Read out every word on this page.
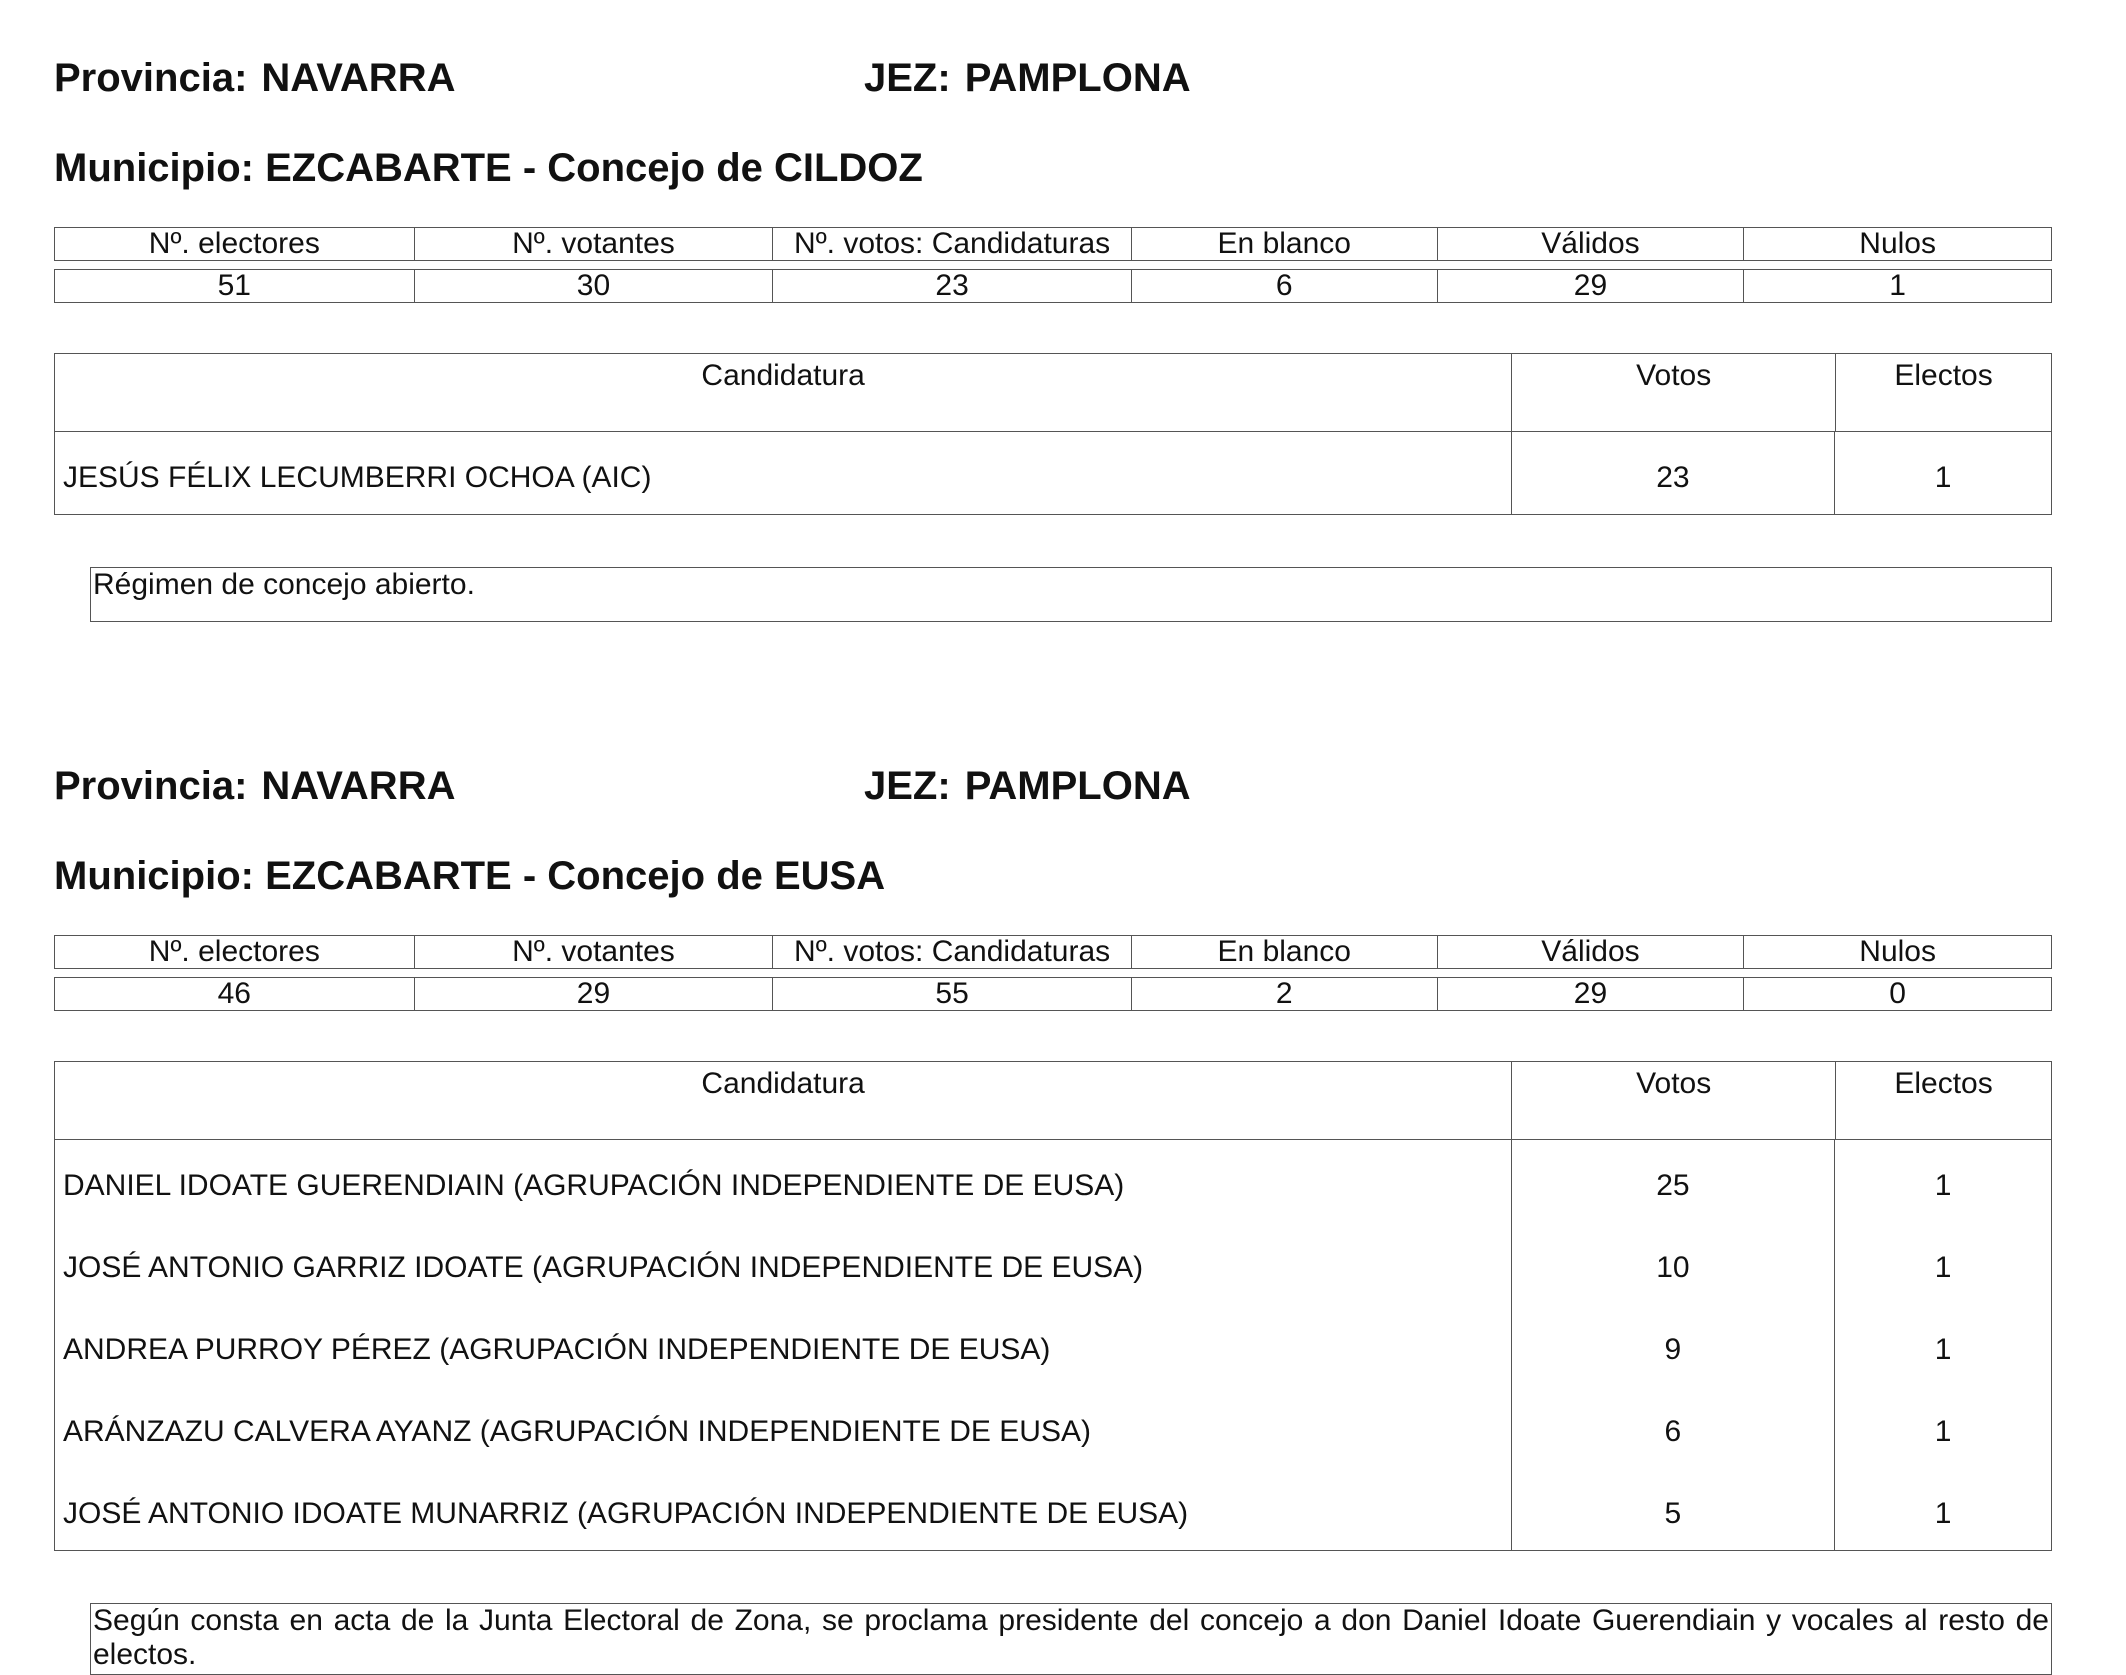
Provincia: NAVARRA	JEZ: PAMPLONA
Municipio: EZCABARTE - Concejo de CILDOZ
Nº. electores	Nº. votantes	Nº. votos: Candidaturas	En blanco	Válidos	Nulos
51	30	23	6	29	1
Candidatura	Votos	Electos
JESÚS FÉLIX LECUMBERRI OCHOA (AIC)	23	1
Régimen de concejo abierto.
Provincia: NAVARRA	JEZ: PAMPLONA
Municipio: EZCABARTE - Concejo de EUSA
Nº. electores	Nº. votantes	Nº. votos: Candidaturas	En blanco	Válidos	Nulos
46	29	55	2	29	0
Candidatura	Votos	Electos
DANIEL IDOATE GUERENDIAIN (AGRUPACIÓN INDEPENDIENTE DE EUSA)	25	1
JOSÉ ANTONIO GARRIZ IDOATE (AGRUPACIÓN INDEPENDIENTE DE EUSA)	10	1
ANDREA PURROY PÉREZ (AGRUPACIÓN INDEPENDIENTE DE EUSA)	9	1
ARÁNZAZU CALVERA AYANZ (AGRUPACIÓN INDEPENDIENTE DE EUSA)	6	1
JOSÉ ANTONIO IDOATE MUNARRIZ (AGRUPACIÓN INDEPENDIENTE DE EUSA)	5	1
Según consta en acta de la Junta Electoral de Zona, se proclama presidente del concejo a don Daniel Idoate Guerendiain y vocales al resto de electos.
